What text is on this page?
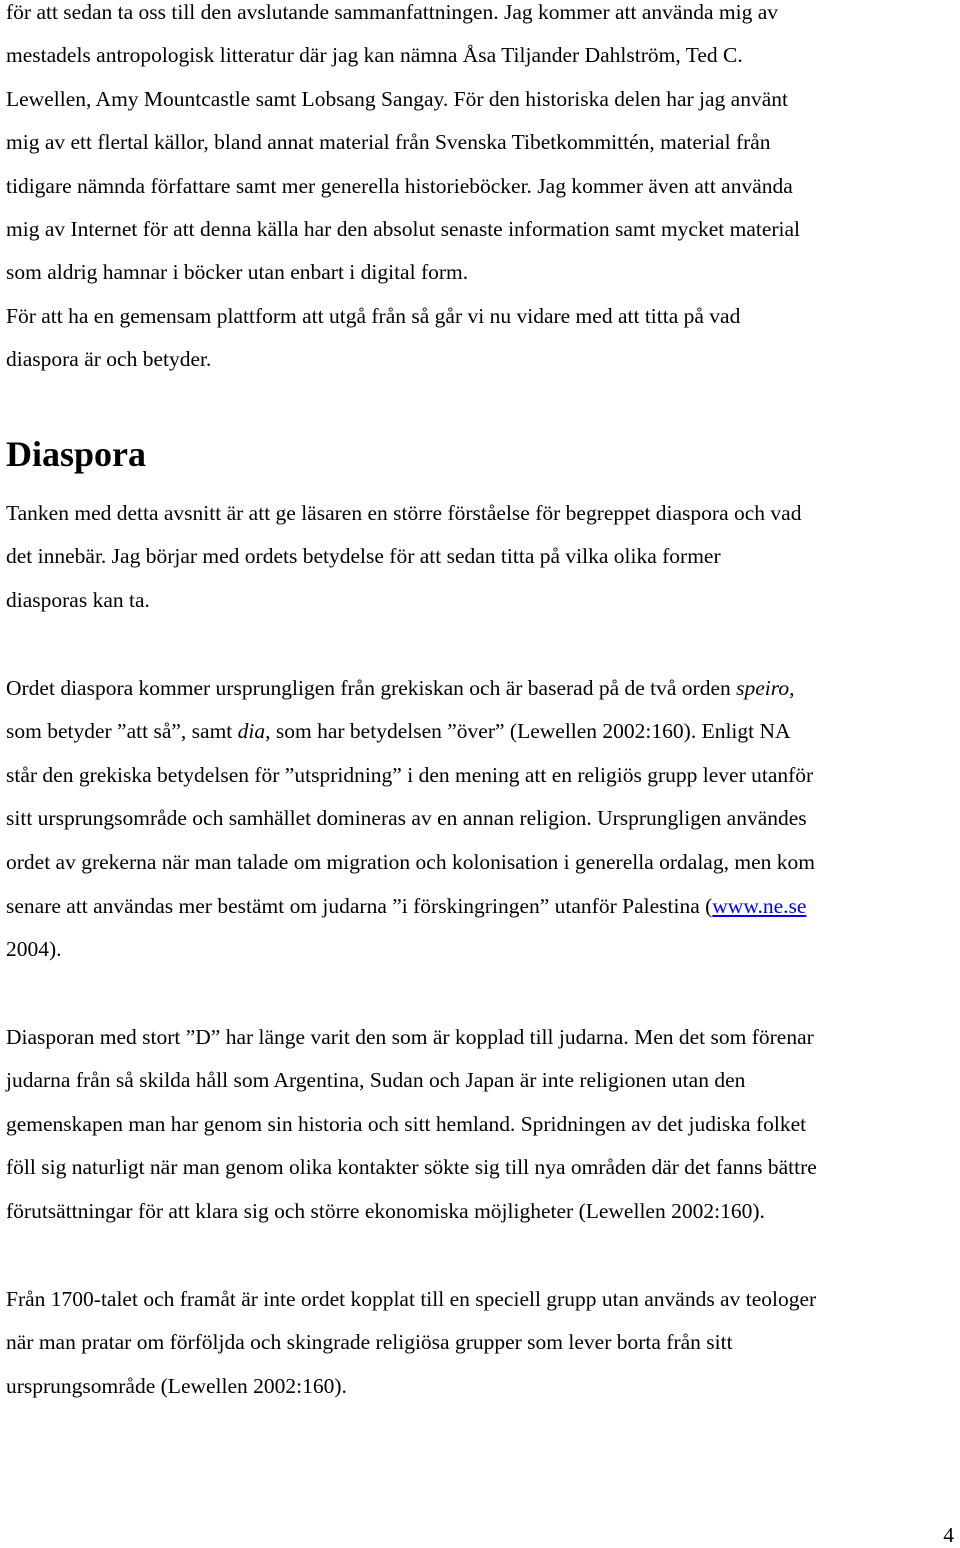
för att sedan ta oss till den avslutande sammanfattningen. Jag kommer att använda mig av
mestadels antropologisk litteratur där jag kan nämna Åsa Tiljander Dahlström, Ted C.
Lewellen, Amy Mountcastle samt Lobsang Sangay. För den historiska delen har jag använt
mig av ett flertal källor, bland annat material från Svenska Tibetkommittén, material från
tidigare nämnda författare samt mer generella historieböcker. Jag kommer även att använda
mig av Internet för att denna källa har den absolut senaste information samt mycket material
som aldrig hamnar i böcker utan enbart i digital form.
För att ha en gemensam plattform att utgå från så går vi nu vidare med att titta på vad
diaspora är och betyder.
Diaspora
Tanken med detta avsnitt är att ge läsaren en större förståelse för begreppet diaspora och vad
det innebär. Jag börjar med ordets betydelse för att sedan titta på vilka olika former
diasporas kan ta.
Ordet diaspora kommer ursprungligen från grekiskan och är baserad på de två orden speiro,
som betyder ”att så”, samt dia, som har betydelsen ”över” (Lewellen 2002:160). Enligt NA
står den grekiska betydelsen för ”utspridning” i den mening att en religiös grupp lever utanför
sitt ursprungsområde och samhället domineras av en annan religion. Ursprungligen användes
ordet av grekerna när man talade om migration och kolonisation i generella ordalag, men kom
senare att användas mer bestämt om judarna ”i förskingringen” utanför Palestina (www.ne.se
2004).
Diasporan med stort ”D” har länge varit den som är kopplad till judarna. Men det som förenar
judarna från så skilda håll som Argentina, Sudan och Japan är inte religionen utan den
gemenskapen man har genom sin historia och sitt hemland. Spridningen av det judiska folket
föll sig naturligt när man genom olika kontakter sökte sig till nya områden där det fanns bättre
förutsättningar för att klara sig och större ekonomiska möjligheter (Lewellen 2002:160).
Från 1700-talet och framåt är inte ordet kopplat till en speciell grupp utan används av teologer
när man pratar om förföljda och skingrade religiösa grupper som lever borta från sitt
ursprungsområde (Lewellen 2002:160).
4
